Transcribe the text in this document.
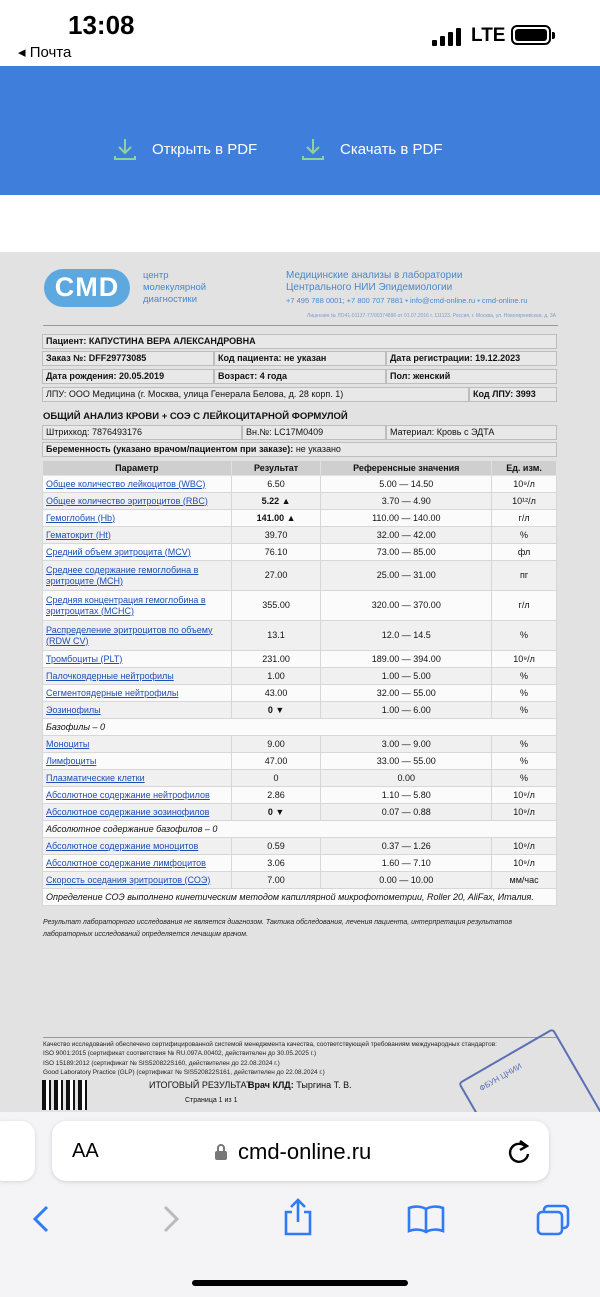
13:08
◂ Почта
LTE
Открыть в PDF	Скачать в PDF
CMD	центр
молекулярной
диагностики
Медицинские анализы в лаборатории
Центрального НИИ Эпидемиологии
+7 495 788 0001; +7 800 707 7881 • info@cmd-online.ru • cmd-online.ru
Лицензия № ЛО41-01137-77/00374896 от 01.07.2016 г. 111123, Россия, г. Москва, ул. Новогиреевская, д. 3А
Пациент: КАПУСТИНА ВЕРА АЛЕКСАНДРОВНА
Заказ №: DFF29773085	Код пациента: не указан	Дата регистрации: 19.12.2023
Дата рождения: 20.05.2019	Возраст: 4 года	Пол: женский
ЛПУ: ООО Медицина (г. Москва, улица Генерала Белова, д. 28 корп. 1)	Код ЛПУ: 3993
ОБЩИЙ АНАЛИЗ КРОВИ + СОЭ С ЛЕЙКОЦИТАРНОЙ ФОРМУЛОЙ
Штрихкод: 7876493176	Вн.№: LC17M0409	Материал: Кровь с ЭДТА
Беременность (указано врачом/пациентом при заказе): не указано
Параметр	Результат	Референсные значения	Ед. изм.
Общее количество лейкоцитов (WBC)	6.50	5.00 — 14.50	10⁹/л
Общее количество эритроцитов (RBC)	5.22 ▲	3.70 — 4.90	10¹²/л
Гемоглобин (Hb)	141.00 ▲	110.00 — 140.00	г/л
Гематокрит (Ht)	39.70	32.00 — 42.00	%
Средний объем эритроцита (MCV)	76.10	73.00 — 85.00	фл
Среднее содержание гемоглобина в эритроците (MCH)	27.00	25.00 — 31.00	пг
Средняя концентрация гемоглобина в эритроцитах (MCHC)	355.00	320.00 — 370.00	г/л
Распределение эритроцитов по объему (RDW CV)	13.1	12.0 — 14.5	%
Тромбоциты (PLT)	231.00	189.00 — 394.00	10⁹/л
Палочкоядерные нейтрофилы	1.00	1.00 — 5.00	%
Сегментоядерные нейтрофилы	43.00	32.00 — 55.00	%
Эозинофилы	0 ▼	1.00 — 6.00	%
Базофилы – 0			
Моноциты	9.00	3.00 — 9.00	%
Лимфоциты	47.00	33.00 — 55.00	%
Плазматические клетки	0	0.00	%
Абсолютное содержание нейтрофилов	2.86	1.10 — 5.80	10⁹/л
Абсолютное содержание эозинофилов	0 ▼	0.07 — 0.88	10⁹/л
Абсолютное содержание базофилов – 0			
Абсолютное содержание моноцитов	0.59	0.37 — 1.26	10⁹/л
Абсолютное содержание лимфоцитов	3.06	1.60 — 7.10	10⁹/л
Скорость оседания эритроцитов (СОЭ)	7.00	0.00 — 10.00	мм/час
Определение СОЭ выполнено кинетическим методом капиллярной микрофотометрии, Roller 20, AliFax, Италия.			
Результат лабораторного исследования не является диагнозом. Тактика обследования, лечения пациента, интерпретация результатов лабораторных исследований определяется лечащим врачом.
Качество исследований обеспечено сертифицированной системой менеджмента качества, соответствующей требованиям международных стандартов:
ISO 9001:2015 (сертификат соответствия № RU.097A.00402, действителен до 30.05.2025 г.)
ISO 15189:2012 (сертификат № SIS520822S160, действителен до 22.08.2024 г.)
Good Laboratory Practice (GLP) (сертификат № SIS520822S161, действителен до 22.08.2024 г.)
ИТОГОВЫЙ РЕЗУЛЬТАТ
Врач КЛД: Тыргина Т. В.
Страница 1 из 1
ФБУН ЦНИИ
AA	cmd-online.ru
